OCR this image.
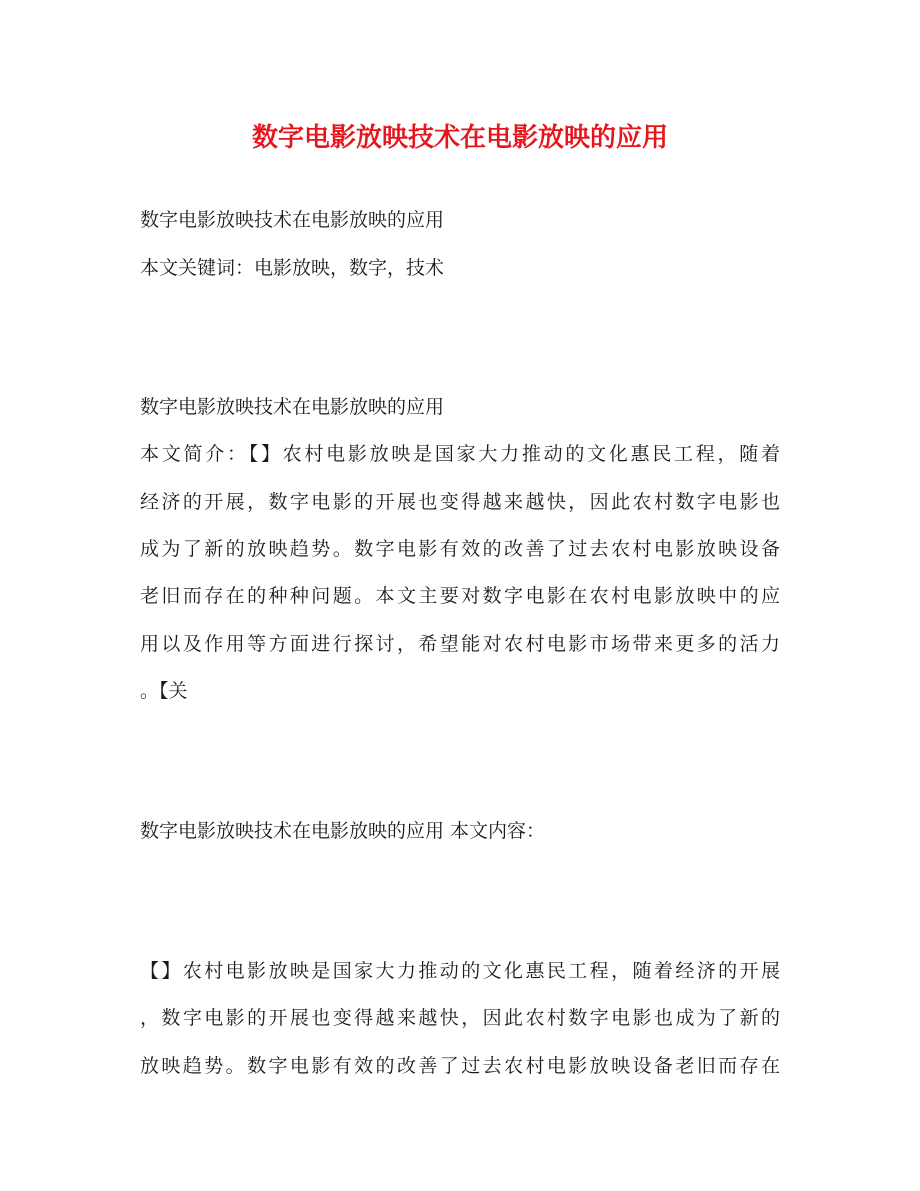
数字电影放映技术在电影放映的应用

数字电影放映技术在电影放映的应用

本文关键词：电影放映，数字，技术

数字电影放映技术在电影放映的应用

本文简介：【】农村电影放映是国家大力推动的文化惠民工程，随着

经济的开展，数字电影的开展也变得越来越快，因此农村数字电影也

成为了新的放映趋势。数字电影有效的改善了过去农村电影放映设备

老旧而存在的种种问题。本文主要对数字电影在农村电影放映中的应

用以及作用等方面进行探讨，希望能对农村电影市场带来更多的活力

。【关

数字电影放映技术在电影放映的应用 本文内容：

【】农村电影放映是国家大力推动的文化惠民工程，随着经济的开展

，数字电影的开展也变得越来越快，因此农村数字电影也成为了新的

放映趋势。数字电影有效的改善了过去农村电影放映设备老旧而存在
